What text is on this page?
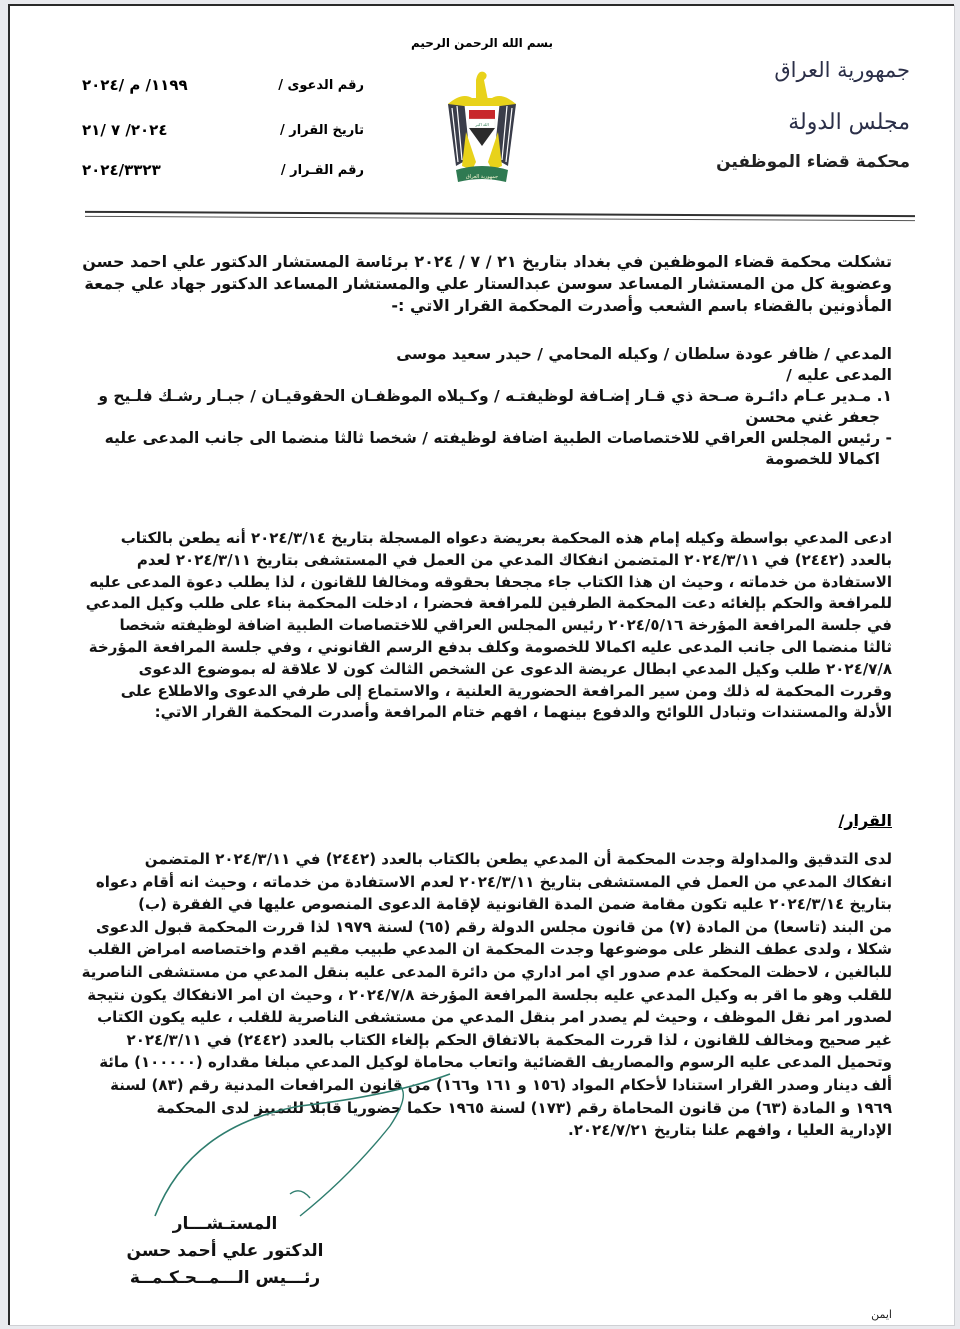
بسم الله الرحمن الرحيم
جمهورية العراق
مجلس الدولة
محكمة قضاء الموظفين
الله اكبر
جمهورية العراق
رقم الدعوى /
١١٩٩/ م /٢٠٢٤
تاريخ القرار /
٢٠٢٤/ ٧ /٢١
رقم القـرار /
٢٠٢٤/٣٣٢٣
تشكلت محكمة قضاء الموظفين في بغداد بتاريخ ٢١ / ٧ / ٢٠٢٤ برئاسة المستشار الدكتور علي احمد حسن
وعضوية كل من المستشار المساعد سوسن عبدالستار علي والمستشار المساعد الدكتور جهاد علي جمعة
المأذونين بالقضاء باسم الشعب وأصدرت المحكمة القرار الاتي :-
المدعي / ظافر عودة سلطان / وكيله المحامي / حيدر سعيد موسى
المدعى عليه /
١. مـدير عـام دائـرة صـحة ذي قـار إضـافة لوظيفتـه / وكـيلاه الموظفـان الحقوقيـان / جبـار رشـك فلـيح و
جعفر غني محسن
- رئيس المجلس العراقي للاختصاصات الطبية اضافة لوظيفته / شخصا ثالثا منضما الى جانب المدعى عليه
اكمالا للخصومة
ادعى المدعي بواسطة وكيله إمام هذه المحكمة بعريضة دعواه المسجلة بتاريخ ٢٠٢٤/٣/١٤ أنه يطعن بالكتاب
بالعدد (٢٤٤٢) في ٢٠٢٤/٣/١١ المتضمن انفكاك المدعي من العمل في المستشفى بتاريخ ٢٠٢٤/٣/١١ لعدم
الاستفادة من خدماته ، وحيث ان هذا الكتاب جاء مجحفا بحقوقه ومخالفا للقانون ، لذا يطلب دعوة المدعى عليه
للمرافعة والحكم بإلغائه دعت المحكمة الطرفين للمرافعة فحضرا ، ادخلت المحكمة بناء على طلب وكيل المدعي
في جلسة المرافعة المؤرخة ٢٠٢٤/٥/١٦ رئيس المجلس العراقي للاختصاصات الطبية اضافة لوظيفته شخصا
ثالثا منضما الى جانب المدعى عليه اكمالا للخصومة وكلف بدفع الرسم القانوني ، وفي جلسة المرافعة المؤرخة
٢٠٢٤/٧/٨ طلب وكيل المدعي ابطال عريضة الدعوى عن الشخص الثالث كون لا علاقة له بموضوع الدعوى
وقررت المحكمة له ذلك ومن سير المرافعة الحضورية العلنية ، والاستماع إلى طرفي الدعوى والاطلاع على
الأدلة والمستندات وتبادل اللوائح والدفوع بينهما ، افهم ختام المرافعة وأصدرت المحكمة القرار الاتي:
القرار/
لدى التدقيق والمداولة وجدت المحكمة أن المدعي يطعن بالكتاب بالعدد (٢٤٤٢) في ٢٠٢٤/٣/١١ المتضمن
انفكاك المدعي من العمل في المستشفى بتاريخ ٢٠٢٤/٣/١١ لعدم الاستفادة من خدماته ، وحيث انه أقام دعواه
بتاريخ ٢٠٢٤/٣/١٤ عليه تكون مقامة ضمن المدة القانونية لإقامة الدعوى المنصوص عليها في الفقرة (ب)
من البند (تاسعا) من المادة (٧) من قانون مجلس الدولة رقم (٦٥) لسنة ١٩٧٩ لذا قررت المحكمة قبول الدعوى
شكلا ، ولدى عطف النظر على موضوعها وجدت المحكمة ان المدعي طبيب مقيم اقدم واختصاصه امراض القلب
للبالغين ، لاحظت المحكمة عدم صدور اي امر اداري من دائرة المدعى عليه بنقل المدعي من مستشفى الناصرية
للقلب وهو ما اقر به وكيل المدعي عليه بجلسة المرافعة المؤرخة ٢٠٢٤/٧/٨ ، وحيث ان امر الانفكاك يكون نتيجة
لصدور امر نقل الموظف ، وحيث لم يصدر امر بنقل المدعي من مستشفى الناصرية للقلب ، عليه يكون الكتاب
غير صحيح ومخالف للقانون ، لذا قررت المحكمة بالاتفاق الحكم بإلغاء الكتاب بالعدد (٢٤٤٢) في ٢٠٢٤/٣/١١
وتحميل المدعى عليه الرسوم والمصاريف القضائية واتعاب محاماة لوكيل المدعي مبلغا مقداره (١٠٠٠٠٠) مائة
ألف دينار وصدر القرار استنادا لأحكام المواد (١٥٦ و ١٦١ و١٦٦) من قانون المرافعات المدنية رقم (٨٣) لسنة
١٩٦٩ و المادة (٦٣) من قانون المحاماة رقم (١٧٣) لسنة ١٩٦٥ حكما حضوريا قابلا للتمييز لدى المحكمة
الإدارية العليا ، وافهم علنا بتاريخ ٢٠٢٤/٧/٢١.
المستـشـــار
الدكتور علي أحمد حسن
رئـــيس الـــمــحـكـمــة
ايمن
